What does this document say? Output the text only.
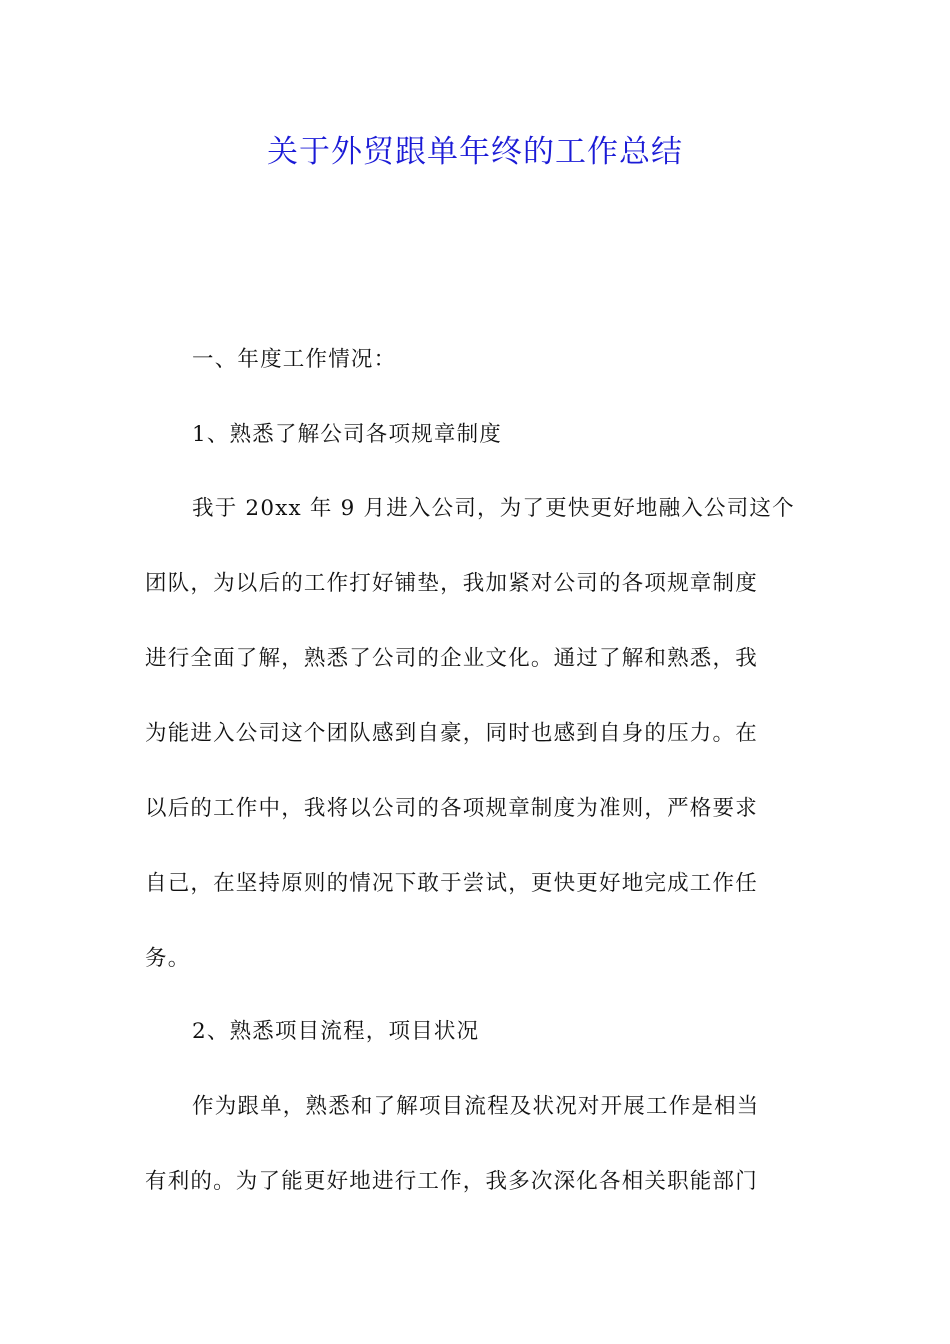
关于外贸跟单年终的工作总结
一、年度工作情况：
1、熟悉了解公司各项规章制度
我于 20xx 年 9 月进入公司，为了更快更好地融入公司这个
团队，为以后的工作打好铺垫，我加紧对公司的各项规章制度
进行全面了解，熟悉了公司的企业文化。通过了解和熟悉，我
为能进入公司这个团队感到自豪，同时也感到自身的压力。在
以后的工作中，我将以公司的各项规章制度为准则，严格要求
自己，在坚持原则的情况下敢于尝试，更快更好地完成工作任
务。
2、熟悉项目流程，项目状况
作为跟单，熟悉和了解项目流程及状况对开展工作是相当
有利的。为了能更好地进行工作，我多次深化各相关职能部门
